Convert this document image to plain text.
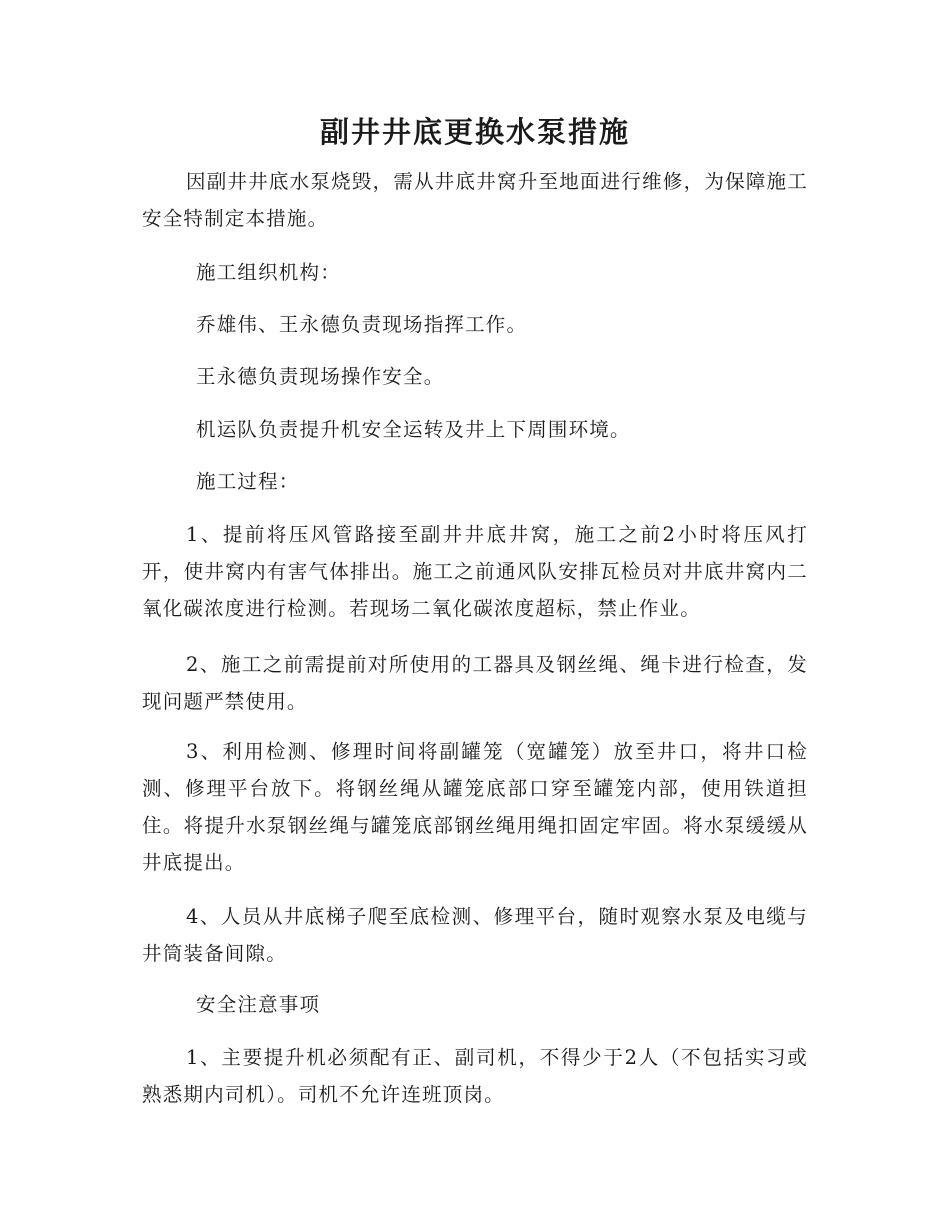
副井井底更换水泵措施

因副井井底水泵烧毁，需从井底井窝升至地面进行维修，为保障施工安全特制定本措施。

施工组织机构：

乔雄伟、王永德负责现场指挥工作。

王永德负责现场操作安全。

机运队负责提升机安全运转及井上下周围环境。

施工过程：

1、提前将压风管路接至副井井底井窝，施工之前2小时将压风打开，使井窝内有害气体排出。施工之前通风队安排瓦检员对井底井窝内二氧化碳浓度进行检测。若现场二氧化碳浓度超标，禁止作业。

2、施工之前需提前对所使用的工器具及钢丝绳、绳卡进行检查，发现问题严禁使用。

3、利用检测、修理时间将副罐笼（宽罐笼）放至井口，将井口检测、修理平台放下。将钢丝绳从罐笼底部口穿至罐笼内部，使用铁道担住。将提升水泵钢丝绳与罐笼底部钢丝绳用绳扣固定牢固。将水泵缓缓从井底提出。

4、人员从井底梯子爬至底检测、修理平台，随时观察水泵及电缆与井筒装备间隙。

安全注意事项

1、主要提升机必须配有正、副司机，不得少于2人（不包括实习或熟悉期内司机）。司机不允许连班顶岗。
